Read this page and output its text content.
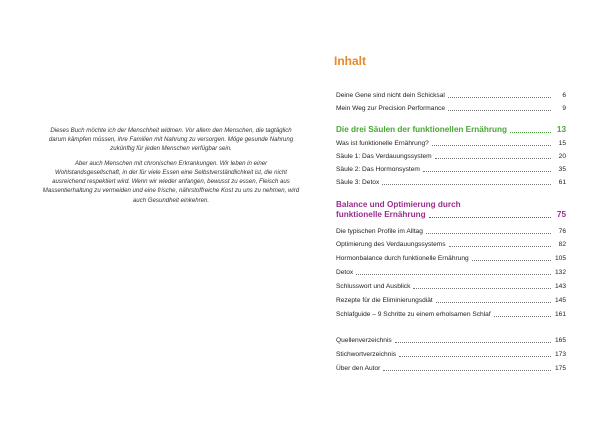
Dieses Buch möchte ich der Menschheit widmen. Vor allem den Menschen, die tagtäglich darum kämpfen müssen, ihre Familien mit Nahrung zu versorgen. Möge gesunde Nahrung zukünftig für jeden Menschen verfügbar sein.

Aber auch Menschen mit chronischen Erkrankungen. Wir leben in einer Wohlstandsgesellschaft, in der für viele Essen eine Selbstverständlichkeit ist, die nicht ausreichend respektiert wird. Wenn wir wieder anfangen, bewusst zu essen, Fleisch aus Massentierhaltung zu vermeiden und eine frische, nährstoffreiche Kost zu uns zu nehmen, wird auch Gesundheit einkehren.

Inhalt
Deine Gene sind nicht dein Schicksal	6
Mein Weg zur Precision Performance	9
Die drei Säulen der funktionellen Ernährung	13
Was ist funktionelle Ernährung?	15
Säule 1: Das Verdauungssystem	20
Säule 2: Das Hormonsystem	35
Säule 3: Detox	61
Balance und Optimierung durch
funktionelle Ernährung	75
Die typischen Profile im Alltag	76
Optimierung des Verdauungssystems	82
Hormonbalance durch funktionelle Ernährung	105
Detox	132
Schlusswort und Ausblick	143
Rezepte für die Eliminierungsdiät	145
Schlafguide – 9 Schritte zu einem erholsamen Schlaf	161
Quellenverzeichnis	165
Stichwortverzeichnis	173
Über den Autor	175
